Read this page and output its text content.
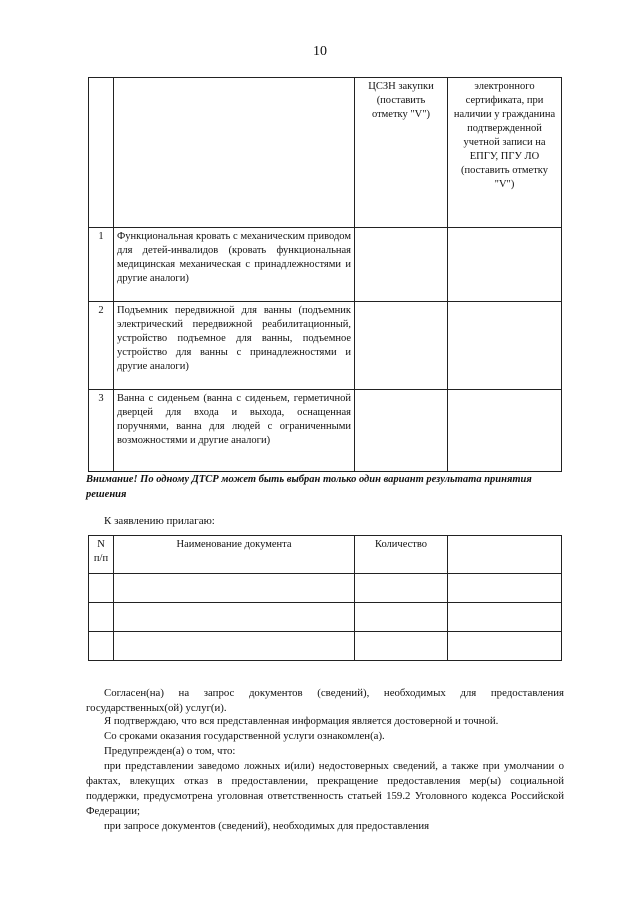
10
		ЦСЗН закупки (поставить отметку "V")	электронного сертификата, при наличии у гражданина подтвержденной учетной записи на ЕПГУ, ПГУ ЛО (поставить отметку "V")
1	Функциональная кровать с механическим приводом для детей-инвалидов (кровать функциональная медицинская механическая с принадлежностями и другие аналоги)		
2	Подъемник передвижной для ванны (подъемник электрический передвижной реабилитационный, устройство подъемное для ванны, подъемное устройство для ванны с принадлежностями и другие аналоги)		
3	Ванна с сиденьем (ванна с сиденьем, герметичной дверцей для входа и выхода, оснащенная поручнями, ванна для людей с ограниченными возможностями и другие аналоги)		
Внимание! По одному ДТСР может быть выбран только один вариант результата принятия решения
К заявлению прилагаю:
N п/п	Наименование документа	Количество	

Согласен(на) на запрос документов (сведений), необходимых для предоставления государственных(ой) услуг(и).
Я подтверждаю, что вся представленная информация является достоверной и точной.
Со сроками оказания государственной услуги ознакомлен(а).
Предупрежден(а) о том, что:
при представлении заведомо ложных и(или) недостоверных сведений, а также при умолчании о фактах, влекущих отказ в предоставлении, прекращение предоставления мер(ы) социальной поддержки, предусмотрена уголовная ответственность статьей 159.2 Уголовного кодекса Российской Федерации;
при запросе документов (сведений), необходимых для предоставления
